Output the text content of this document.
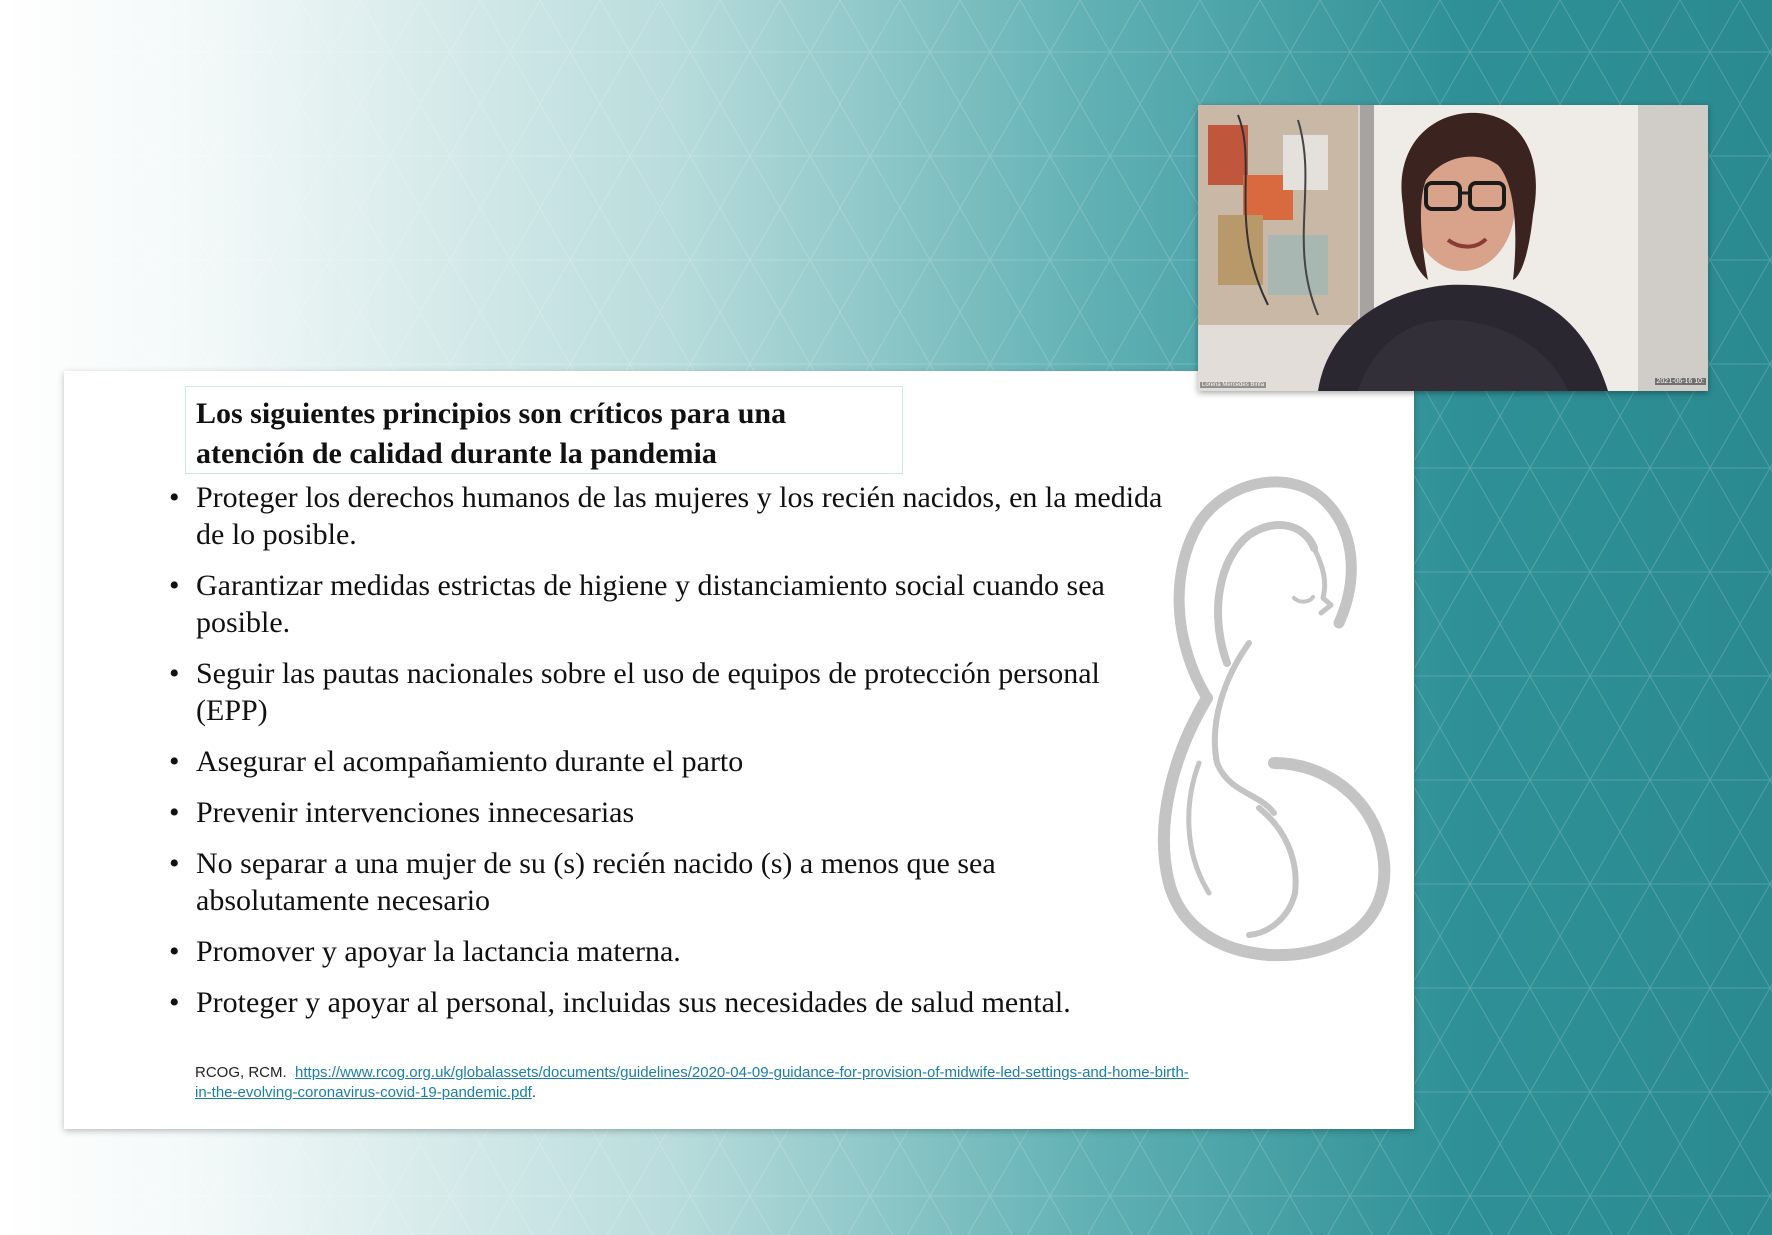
Los siguientes principios son críticos para una atención de calidad durante la pandemia
• Proteger los derechos humanos de las mujeres y los recién nacidos, en la medida de lo posible.
• Garantizar medidas estrictas de higiene y distanciamiento social cuando sea posible.
• Seguir las pautas nacionales sobre el uso de equipos de protección personal (EPP)
• Asegurar el acompañamiento durante el parto
• Prevenir intervenciones innecesarias
• No separar a una mujer de su (s) recién nacido (s) a menos que sea absolutamente necesario
• Promover y apoyar la lactancia materna.
• Proteger y apoyar al personal, incluidas sus necesidades de salud mental.
RCOG, RCM. https://www.rcog.org.uk/globalassets/documents/guidelines/2020-04-09-guidance-for-provision-of-midwife-led-settings-and-home-birth-in-the-evolving-coronavirus-covid-19-pandemic.pdf.
Lorena Mercedes Binfa	2021-06-16 10:
